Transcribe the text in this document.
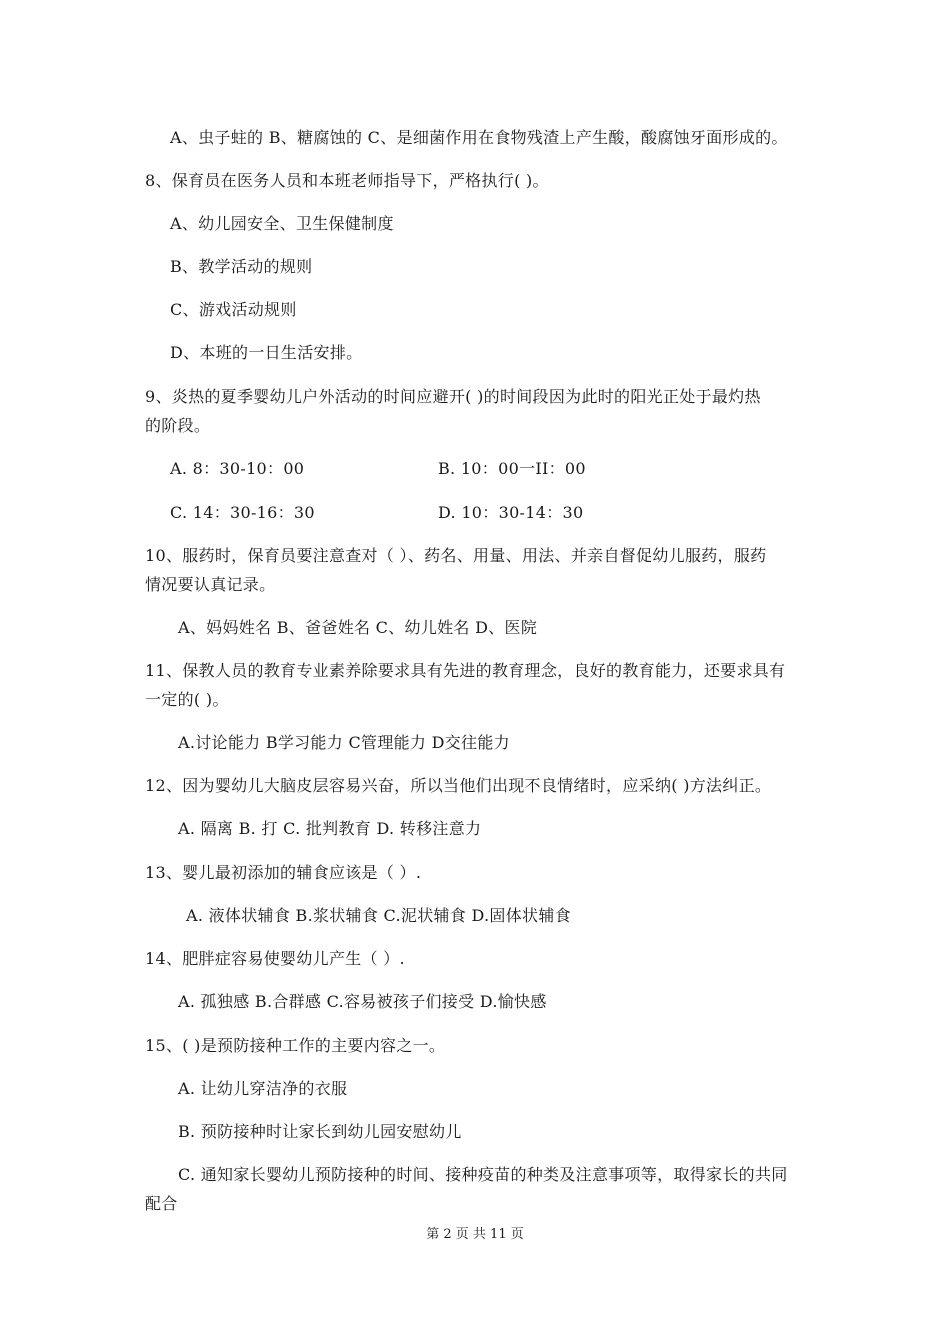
A、虫子蛀的 B、糖腐蚀的 C、是细菌作用在食物残渣上产生酸，酸腐蚀牙面形成的。
8、保育员在医务人员和本班老师指导下，严格执行( )。
A、幼儿园安全、卫生保健制度
B、教学活动的规则
C、游戏活动规则
D、本班的一日生活安排。
9、炎热的夏季婴幼儿户外活动的时间应避开( )的时间段因为此时的阳光正处于最灼热
的阶段。
A. 8：30-10：00	B. 10：00一II：00
C. 14：30-16：30	D. 10：30-14：30
10、服药时，保育员要注意查对（ ）、药名、用量、用法、并亲自督促幼儿服药，服药
情况要认真记录。
A、妈妈姓名 B、爸爸姓名 C、幼儿姓名 D、医院
11、保教人员的教育专业素养除要求具有先进的教育理念，良好的教育能力，还要求具有
一定的( )。
A.讨论能力 B学习能力 C管理能力 D交往能力
12、因为婴幼儿大脑皮层容易兴奋，所以当他们出现不良情绪时，应采纳( )方法纠正。
A. 隔离 B. 打 C. 批判教育 D. 转移注意力
13、婴儿最初添加的辅食应该是（ ）.
A. 液体状辅食 B.浆状辅食 C.泥状辅食 D.固体状辅食
14、肥胖症容易使婴幼儿产生（ ）.
A. 孤独感 B.合群感 C.容易被孩子们接受 D.愉快感
15、( )是预防接种工作的主要内容之一。
A. 让幼儿穿洁净的衣服
B. 预防接种时让家长到幼儿园安慰幼儿
C. 通知家长婴幼儿预防接种的时间、接种疫苗的种类及注意事项等，取得家长的共同
配合
第 2 页 共 11 页
